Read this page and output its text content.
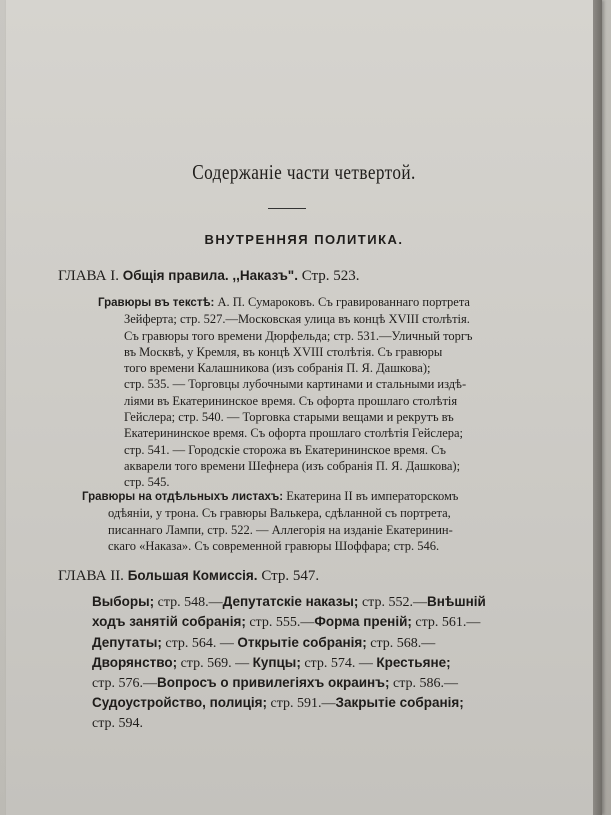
Содержаніе части четвертой.
ВНУТРЕННЯЯ ПОЛИТИКА.
ГЛАВА I. Общія правила. ,,Наказъ". Стр. 523.
Гравюры въ текстѣ: А. П. Сумароковъ. Съ гравированнаго портрета
Зейферта; стр. 527.—Московская улица въ концѣ XVIII столѣтія.
Съ гравюры того времени Дюрфельда; стр. 531.—Уличный торгъ
въ Москвѣ, у Кремля, въ концѣ XVIII столѣтія. Съ гравюры
того времени Калашникова (изъ собранія П. Я. Дашкова);
стр. 535. — Торговцы лубочными картинами и стальными издѣ-
ліями въ Екатерининское время. Съ офорта прошлаго столѣтія
Гейслера; стр. 540. — Торговка старыми вещами и рекрутъ въ
Екатерининское время. Съ офорта прошлаго столѣтія Гейслера;
стр. 541. — Городскіе сторожа въ Екатерининское время. Съ
акварели того времени Шефнера (изъ собранія П. Я. Дашкова);
стр. 545.
Гравюры на отдѣльныхъ листахъ: Екатерина II въ императорскомъ
одѣяніи, у трона. Съ гравюры Валькера, сдѣланной съ портрета,
писаннаго Лампи, стр. 522. — Аллегорія на изданіе Екатеринин-
скаго «Наказа». Съ современной гравюры Шоффара; стр. 546.
ГЛАВА II. Большая Комиссія. Стр. 547.
Выборы; стр. 548.—Депутатскіе наказы; стр. 552.—Внѣшній
ходъ занятій собранія; стр. 555.—Форма преній; стр. 561.—
Депутаты; стр. 564. — Открытіе собранія; стр. 568.—
Дворянство; стр. 569. — Купцы; стр. 574. — Крестьяне;
стр. 576.—Вопросъ о привилегіяхъ окраинъ; стр. 586.—
Судоустройство, полиція; стр. 591.—Закрытіе собранія;
стр. 594.
